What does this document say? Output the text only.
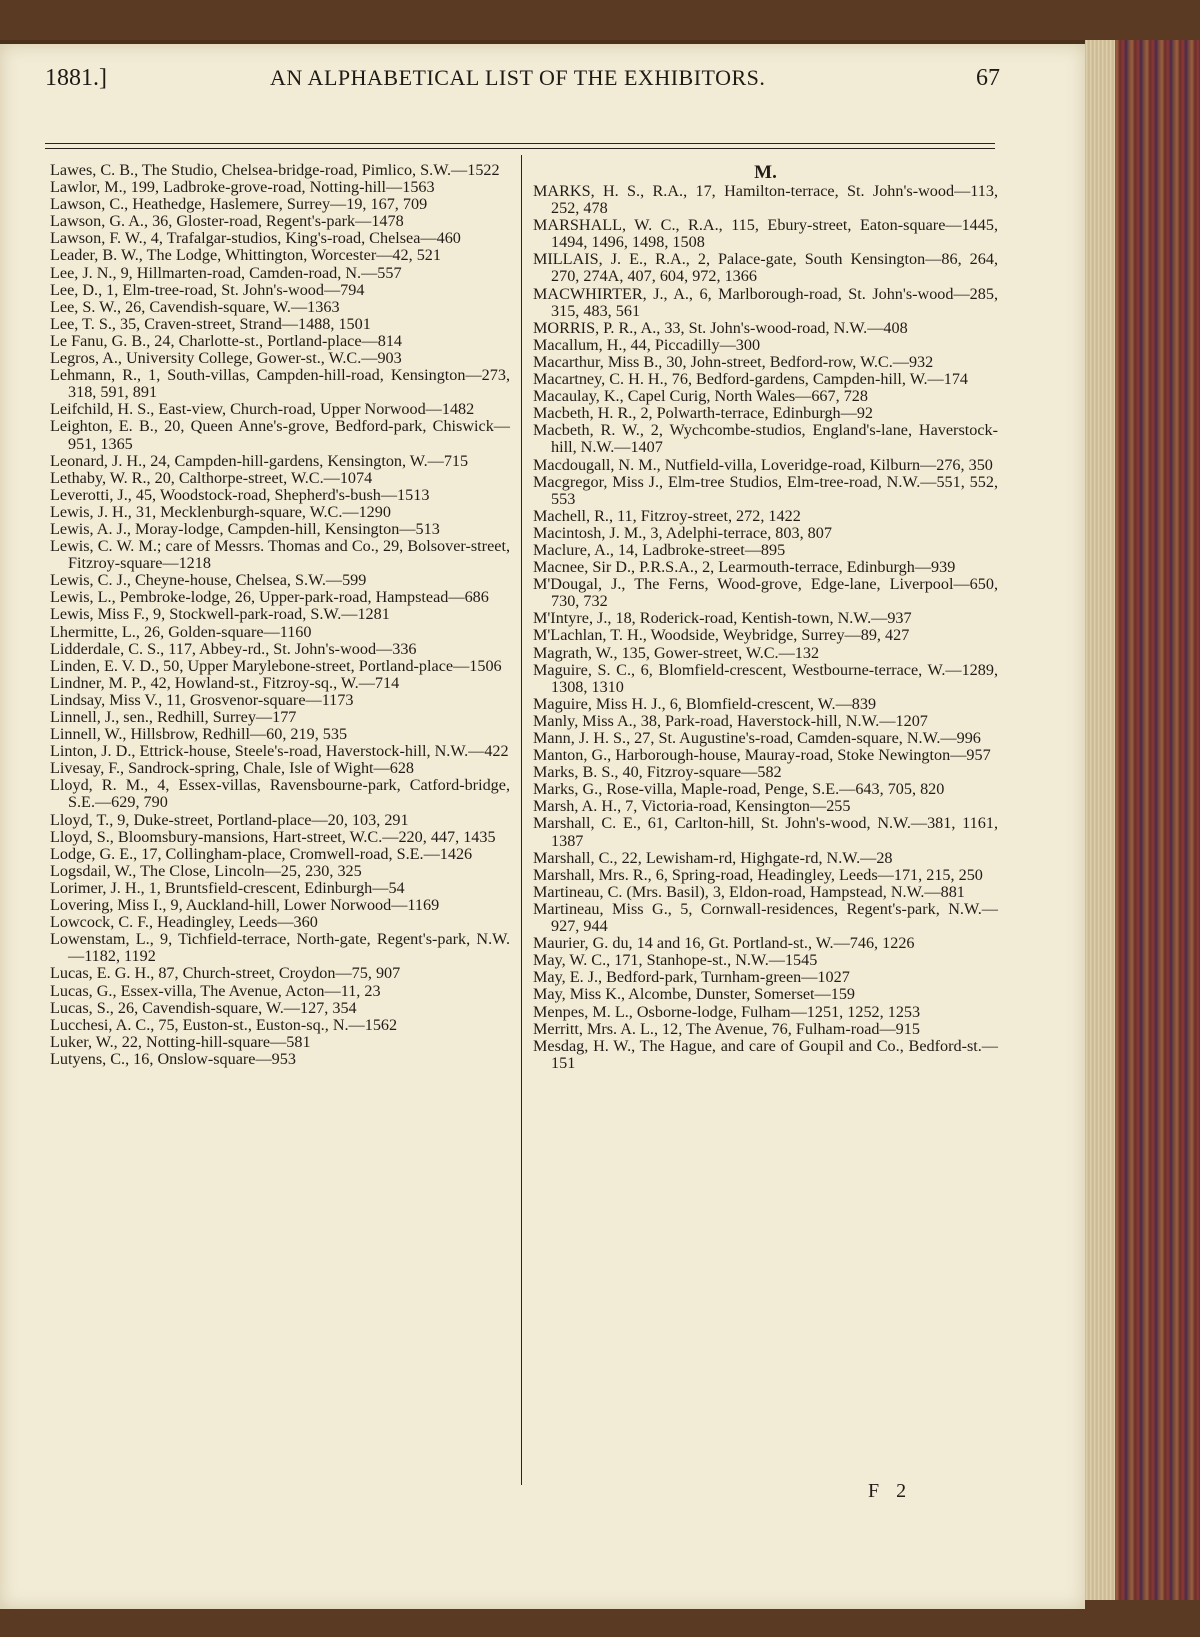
1881.]	AN ALPHABETICAL LIST OF THE EXHIBITORS.	67

Lawes, C. B., The Studio, Chelsea-bridge-road, Pimlico, S.W.—1522

Lawlor, M., 199, Ladbroke-grove-road, Notting-hill—1563

Lawson, C., Heathedge, Haslemere, Surrey—19, 167, 709

Lawson, G. A., 36, Gloster-road, Regent's-park—1478

Lawson, F. W., 4, Trafalgar-studios, King's-road, Chelsea—460

Leader, B. W., The Lodge, Whittington, Worcester—42, 521

Lee, J. N., 9, Hillmarten-road, Camden-road, N.—557

Lee, D., 1, Elm-tree-road, St. John's-wood—794

Lee, S. W., 26, Cavendish-square, W.—1363

Lee, T. S., 35, Craven-street, Strand—1488, 1501

Le Fanu, G. B., 24, Charlotte-st., Portland-place—814

Legros, A., University College, Gower-st., W.C.—903

Lehmann, R., 1, South-villas, Campden-hill-road, Kensington—273, 318, 591, 891

Leifchild, H. S., East-view, Church-road, Upper Norwood—1482

Leighton, E. B., 20, Queen Anne's-grove, Bedford-park, Chiswick—951, 1365

Leonard, J. H., 24, Campden-hill-gardens, Kensington, W.—715

Lethaby, W. R., 20, Calthorpe-street, W.C.—1074

Leverotti, J., 45, Woodstock-road, Shepherd's-bush—1513

Lewis, J. H., 31, Mecklenburgh-square, W.C.—1290

Lewis, A. J., Moray-lodge, Campden-hill, Kensington—513

Lewis, C. W. M.; care of Messrs. Thomas and Co., 29, Bolsover-street, Fitzroy-square—1218

Lewis, C. J., Cheyne-house, Chelsea, S.W.—599

Lewis, L., Pembroke-lodge, 26, Upper-park-road, Hampstead—686

Lewis, Miss F., 9, Stockwell-park-road, S.W.—1281

Lhermitte, L., 26, Golden-square—1160

Lidderdale, C. S., 117, Abbey-rd., St. John's-wood—336

Linden, E. V. D., 50, Upper Marylebone-street, Portland-place—1506

Lindner, M. P., 42, Howland-st., Fitzroy-sq., W.—714

Lindsay, Miss V., 11, Grosvenor-square—1173

Linnell, J., sen., Redhill, Surrey—177

Linnell, W., Hillsbrow, Redhill—60, 219, 535

Linton, J. D., Ettrick-house, Steele's-road, Haverstock-hill, N.W.—422

Livesay, F., Sandrock-spring, Chale, Isle of Wight—628

Lloyd, R. M., 4, Essex-villas, Ravensbourne-park, Catford-bridge, S.E.—629, 790

Lloyd, T., 9, Duke-street, Portland-place—20, 103, 291

Lloyd, S., Bloomsbury-mansions, Hart-street, W.C.—220, 447, 1435

Lodge, G. E., 17, Collingham-place, Cromwell-road, S.E.—1426

Logsdail, W., The Close, Lincoln—25, 230, 325

Lorimer, J. H., 1, Bruntsfield-crescent, Edinburgh—54

Lovering, Miss I., 9, Auckland-hill, Lower Norwood—1169

Lowcock, C. F., Headingley, Leeds—360

Lowenstam, L., 9, Tichfield-terrace, North-gate, Regent's-park, N.W.—1182, 1192

Lucas, E. G. H., 87, Church-street, Croydon—75, 907

Lucas, G., Essex-villa, The Avenue, Acton—11, 23

Lucas, S., 26, Cavendish-square, W.—127, 354

Lucchesi, A. C., 75, Euston-st., Euston-sq., N.—1562

Luker, W., 22, Notting-hill-square—581

Lutyens, C., 16, Onslow-square—953

M.

MARKS, H. S., R.A., 17, Hamilton-terrace, St. John's-wood—113, 252, 478

MARSHALL, W. C., R.A., 115, Ebury-street, Eaton-square—1445, 1494, 1496, 1498, 1508

MILLAIS, J. E., R.A., 2, Palace-gate, South Kensington—86, 264, 270, 274A, 407, 604, 972, 1366

MACWHIRTER, J., A., 6, Marlborough-road, St. John's-wood—285, 315, 483, 561

MORRIS, P. R., A., 33, St. John's-wood-road, N.W.—408

Macallum, H., 44, Piccadilly—300

Macarthur, Miss B., 30, John-street, Bedford-row, W.C.—932

Macartney, C. H. H., 76, Bedford-gardens, Campden-hill, W.—174

Macaulay, K., Capel Curig, North Wales—667, 728

Macbeth, H. R., 2, Polwarth-terrace, Edinburgh—92

Macbeth, R. W., 2, Wychcombe-studios, England's-lane, Haverstock-hill, N.W.—1407

Macdougall, N. M., Nutfield-villa, Loveridge-road, Kilburn—276, 350

Macgregor, Miss J., Elm-tree Studios, Elm-tree-road, N.W.—551, 552, 553

Machell, R., 11, Fitzroy-street, 272, 1422

Macintosh, J. M., 3, Adelphi-terrace, 803, 807

Maclure, A., 14, Ladbroke-street—895

Macnee, Sir D., P.R.S.A., 2, Learmouth-terrace, Edinburgh—939

M'Dougal, J., The Ferns, Wood-grove, Edge-lane, Liverpool—650, 730, 732

M'Intyre, J., 18, Roderick-road, Kentish-town, N.W.—937

M'Lachlan, T. H., Woodside, Weybridge, Surrey—89, 427

Magrath, W., 135, Gower-street, W.C.—132

Maguire, S. C., 6, Blomfield-crescent, Westbourne-terrace, W.—1289, 1308, 1310

Maguire, Miss H. J., 6, Blomfield-crescent, W.—839

Manly, Miss A., 38, Park-road, Haverstock-hill, N.W.—1207

Mann, J. H. S., 27, St. Augustine's-road, Camden-square, N.W.—996

Manton, G., Harborough-house, Mauray-road, Stoke Newington—957

Marks, B. S., 40, Fitzroy-square—582

Marks, G., Rose-villa, Maple-road, Penge, S.E.—643, 705, 820

Marsh, A. H., 7, Victoria-road, Kensington—255

Marshall, C. E., 61, Carlton-hill, St. John's-wood, N.W.—381, 1161, 1387

Marshall, C., 22, Lewisham-rd, Highgate-rd, N.W.—28

Marshall, Mrs. R., 6, Spring-road, Headingley, Leeds—171, 215, 250

Martineau, C. (Mrs. Basil), 3, Eldon-road, Hampstead, N.W.—881

Martineau, Miss G., 5, Cornwall-residences, Regent's-park, N.W.—927, 944

Maurier, G. du, 14 and 16, Gt. Portland-st., W.—746, 1226

May, W. C., 171, Stanhope-st., N.W.—1545

May, E. J., Bedford-park, Turnham-green—1027

May, Miss K., Alcombe, Dunster, Somerset—159

Menpes, M. L., Osborne-lodge, Fulham—1251, 1252, 1253

Merritt, Mrs. A. L., 12, The Avenue, 76, Fulham-road—915

Mesdag, H. W., The Hague, and care of Goupil and Co., Bedford-st.—151

F 2
